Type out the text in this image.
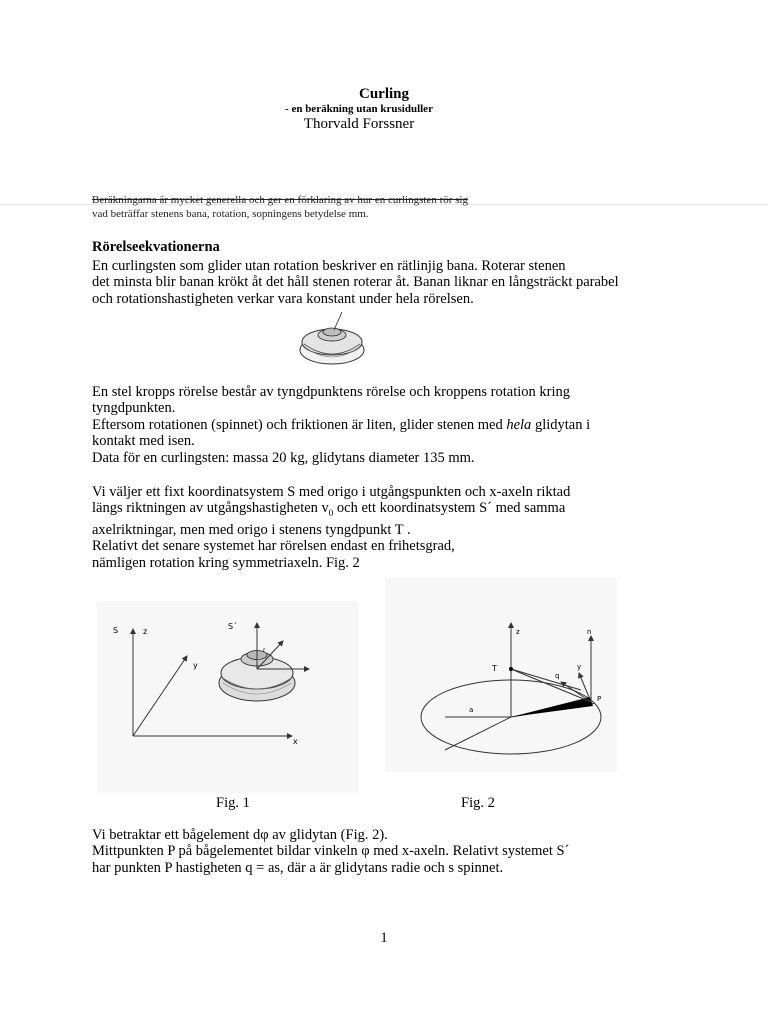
Curling
- en beräkning utan krusiduller
Thorvald Forssner
Beräkningarna är mycket generella och ger en förklaring av hur en curlingsten rör sig
vad beträffar stenens bana, rotation, sopningens betydelse mm.
Rörelseekvationerna
En curlingsten som glider utan rotation beskriver en rätlinjig bana. Roterar stenen
det minsta blir banan krökt åt det håll stenen roterar åt. Banan liknar en långsträckt parabel
och rotationshastigheten verkar vara konstant under hela rörelsen.
En stel kropps rörelse består av tyngdpunktens rörelse och kroppens rotation kring
tyngdpunkten.
Eftersom rotationen (spinnet) och friktionen är liten, glider stenen med hela glidytan i
kontakt med isen.
Data för en curlingsten: massa 20 kg, glidytans diameter 135 mm.
Vi väljer ett fixt koordinatsystem S med origo i utgångspunkten och x-axeln riktad
längs riktningen av utgångshastigheten $v_0$ och ett koordinatsystem S´ med samma
axelriktningar, men med origo i stenens tyngdpunkt T .
Relativt det senare systemet har rörelsen endast en frihetsgrad,
nämligen rotation kring symmetriaxeln. Fig. 2
S	z
y
x
S´
r
Fig. 1
z	n
T
q
y
P
a
Fig. 2
Vi betraktar ett bågelement dφ av glidytan (Fig. 2).
Mittpunkten P på bågelementet bildar vinkeln φ med x-axeln. Relativt systemet S´
har punkten P hastigheten q = as, där a är glidytans radie och s spinnet.
1
